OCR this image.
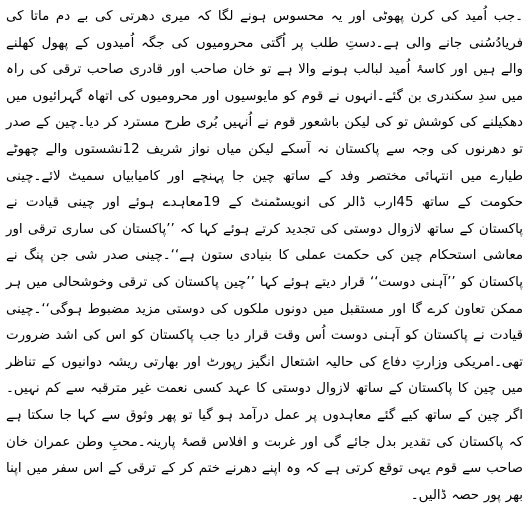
۔جب اُمید کی کرن پھوٹی اور یہ محسوس ہونے لگا کہ میری دھرتی کی بے دم ماتا کی فریادُسُنی جانے والی ہے۔دستِ طلب پر اُگتی محرومیوں کی جگہ اُمیدوں کے پھول کھلنے والے ہیں اور کاسۂ اُمید لبالب ہونے والا ہے تو خان صاحب اور قادری صاحب ترقی کی راہ میں سدِ سکندری بن گئے۔انہوں نے قوم کو مایوسیوں اور محرومیوں کی اتھاہ گہرائیوں میں دھکیلنے کی کوشش تو کی لیکن باشعور قوم نے اُنہیں بُری طرح مسترد کر دیا۔چین کے صدر تو دھرنوں کی وجہ سے پاکستان نہ آسکے لیکن میاں نواز شریف 12نشستوں والے چھوٹے طیارے میں انتہائی مختصر وفد کے ساتھ چین جا پہنچے اور کامیابیاں سمیٹ لائے۔چینی حکومت کے ساتھ 45ارب ڈالر کی انویسٹمنٹ کے 19معاہدے ہوئے اور چینی قیادت نے پاکستان کے ساتھ لازوال دوستی کی تجدید کرتے ہوئے کہا کہ ’’پاکستان کی ساری ترقی اور معاشی استحکام چین کی حکمت عملی کا بنیادی ستون ہے‘‘۔چینی صدر شی جن پنگ نے پاکستان کو ’’آہنی دوست‘‘ قرار دیتے ہوئے کہا ’’چین پاکستان کی ترقی وخوشحالی میں ہر ممکن تعاون کرے گا اور مستقبل میں دونوں ملکوں کی دوستی مزید مضبوط ہوگی‘‘۔چینی قیادت نے پاکستان کو آہنی دوست اُس وقت قرار دیا جب پاکستان کو اس کی اشد ضرورت تھی۔امریکی وزارتِ دفاع کی حالیہ اشتعال انگیز رپورٹ اور بھارتی ریشہ دوانیوں کے تناظر میں چین کا پاکستان کے ساتھ لازوال دوستی کا عہد کسی نعمت غیر مترقبہ سے کم نہیں۔اگر چین کے ساتھ کیے گئے معاہدوں پر عمل درآمد ہو گیا تو پھر وثوق سے کہا جا سکتا ہے کہ پاکستان کی تقدیر بدل جائے گی اور غربت و افلاس قصۂ پارینہ۔محبِ وطن عمران خان صاحب سے قوم یہی توقع کرتی ہے کہ وہ اپنے دھرنے ختم کر کے ترقی کے اس سفر میں اپنا بھر پور حصہ ڈالیں۔
